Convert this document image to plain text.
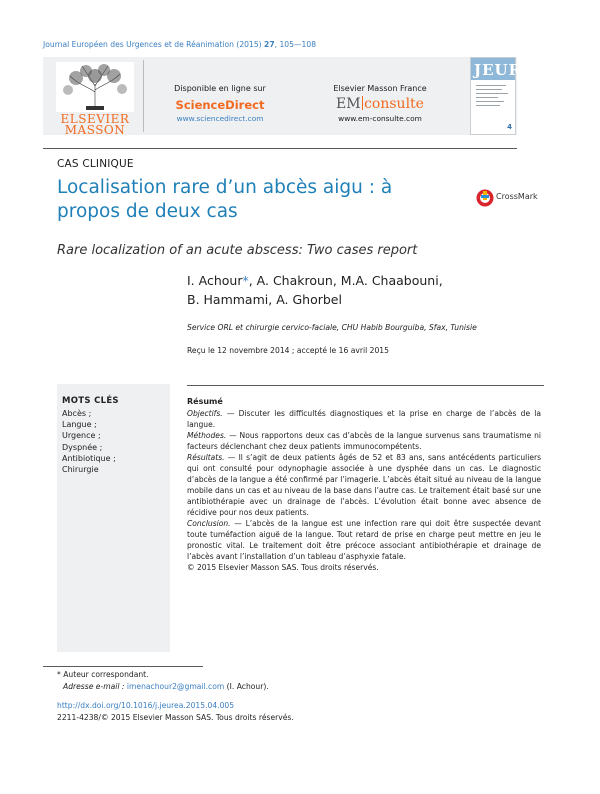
Journal Européen des Urgences et de Réanimation (2015) 27, 105—108
ELSEVIER
MASSON
Disponible en ligne sur
ScienceDirect
www.sciencedirect.com
Elsevier Masson France
EM consulte
www.em-consulte.com
JEUR
4
CAS CLINIQUE
Localisation rare d’un abcès aigu : à propos de deux cas
CrossMark
Rare localization of an acute abscess: Two cases report
I. Achour*, A. Chakroun, M.A. Chaabouni,
B. Hammami, A. Ghorbel
Service ORL et chirurgie cervico-faciale, CHU Habib Bourguiba, Sfax, Tunisie
Reçu le 12 novembre 2014 ; accepté le 16 avril 2015
MOTS CLÉS
Abcès ;
Langue ;
Urgence ;
Dyspnée ;
Antibiotique ;
Chirurgie
Résumé

Objectifs. — Discuter les difficultés diagnostiques et la prise en charge de l’abcès de la langue.

Méthodes. — Nous rapportons deux cas d’abcès de la langue survenus sans traumatisme ni facteurs déclenchant chez deux patients immunocompétents.

Résultats. — Il s’agit de deux patients âgés de 52 et 83 ans, sans antécédents particuliers qui ont consulté pour odynophagie associée à une dysphée dans un cas. Le diagnostic d’abcès de la langue a été confirmé par l’imagerie. L’abcès était situé au niveau de la langue mobile dans un cas et au niveau de la base dans l’autre cas. Le traitement était basé sur une antibiothérapie avec un drainage de l’abcès. L’évolution était bonne avec absence de récidive pour nos deux patients.

Conclusion. — L’abcès de la langue est une infection rare qui doit être suspectée devant toute tuméfaction aiguë de la langue. Tout retard de prise en charge peut mettre en jeu le pronostic vital. Le traitement doit être précoce associant antibiothérapie et drainage de l’abcès avant l’installation d’un tableau d’asphyxie fatale.

© 2015 Elsevier Masson SAS. Tous droits réservés.

* Auteur correspondant.
Adresse e-mail : imenachour2@gmail.com (I. Achour).
http://dx.doi.org/10.1016/j.jeurea.2015.04.005
2211-4238/© 2015 Elsevier Masson SAS. Tous droits réservés.
